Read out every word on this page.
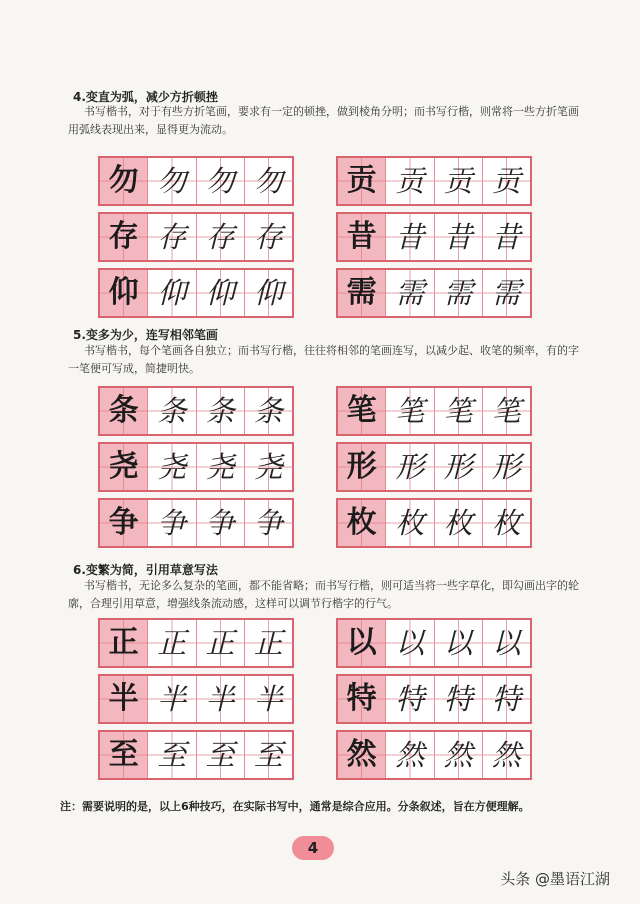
4.变直为弧，减少方折顿挫

书写楷书，对于有些方折笔画，要求有一定的顿挫，做到棱角分明；而书写行楷，则常将一些方折笔画用弧线表现出来，显得更为流动。

勿 勿 勿 勿	贡 贡 贡 贡
存 存 存 存	昔 昔 昔 昔
仰 仰 仰 仰	需 需 需 需
5.变多为少，连写相邻笔画

书写楷书，每个笔画各自独立；而书写行楷，往往将相邻的笔画连写，以减少起、收笔的频率，有的字一笔便可写成，简捷明快。

条 条 条 条	笔 笔 笔 笔
尧 尧 尧 尧	形 形 形 形
争 争 争 争	枚 枚 枚 枚
6.变繁为简，引用草意写法

书写楷书，无论多么复杂的笔画，都不能省略；而书写行楷，则可适当将一些字草化，即勾画出字的轮廓，合理引用草意，增强线条流动感，这样可以调节行楷字的行气。

正 正 正 正	以 以 以 以
半 半 半 半	特 特 特 特
至 至 至 至	然 然 然 然
注：需要说明的是，以上6种技巧，在实际书写中，通常是综合应用。分条叙述，旨在方便理解。
4
头条 @墨语江湖
